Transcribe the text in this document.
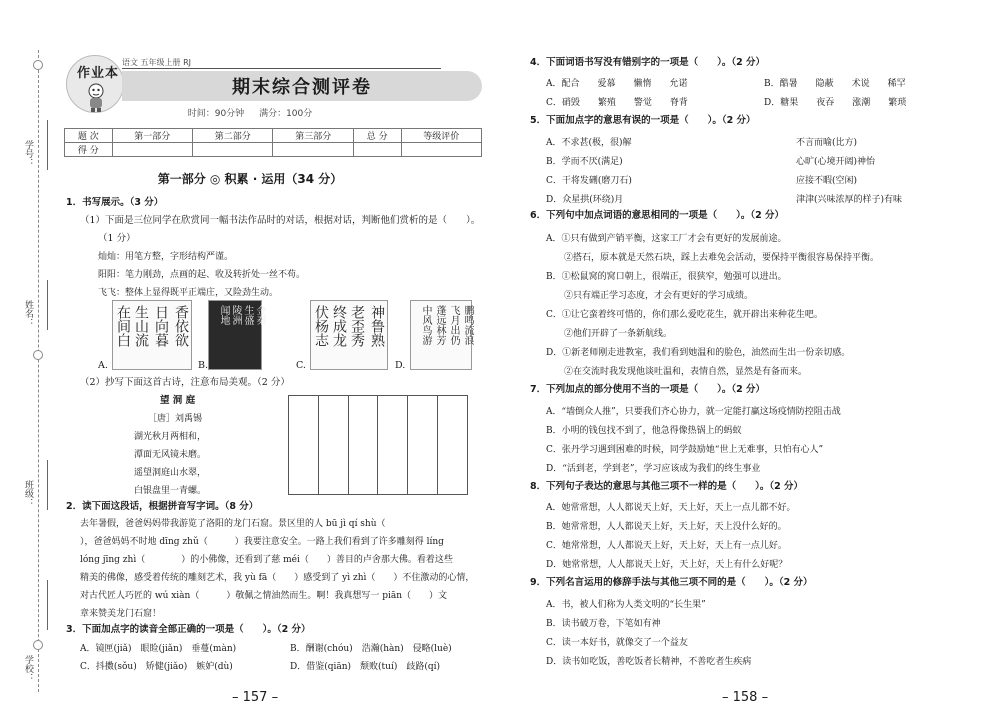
学号：
姓名：
班级：
学校：
作业本
语文 五年级上册 RJ
期末综合测评卷
时间：90分钟 满分：100分
题 次	第一部分	第二部分	第三部分	总 分	等级评价
得 分					
第一部分 ◎ 积累 · 运用（34 分）
1．书写展示。（3 分）
（1）下面是三位同学在欣赏同一幅书法作品时的对话，根据对话，判断他们赏析的是（　　）。
（1 分）
灿灿：用笔方整，字形结构严谨。
阳阳：笔力刚劲，点画的起、收及转折处一丝不苟。
飞飞：整体上显得既平正端庄，又险劲生动。
香依欲
日向暮
生山流
在间白	金秦
生盛
陵洲
闻地	神鲁熟
老歪秀
终成龙
伏杨志	鹏鸣流浪
飞月出仍
蓬远林芳
中风鸟游
A.	B.	C.	D.
（2）抄写下面这首古诗，注意布局美观。（2 分）
望 洞 庭
［唐］刘禹锡
湖光秋月两相和，
潭面无风镜未磨。
遥望洞庭山水翠，
白银盘里一青螺。
2．读下面这段话，根据拼音写字词。（8 分）
去年暑假，爸爸妈妈带我游览了洛阳的龙门石窟。景区里的人 bū jì qí shù（
），爸爸妈妈不时地 dīng zhǔ（　　　）我要注意安全。一路上我们看到了许多雕刻得 líng
lóng jīng zhì（　　　　）的小佛像，还看到了慈 méi（　　）善目的卢舍那大佛。看着这些
精美的佛像，感受着传统的雕刻艺术，我 yù fā（　　）感受到了 yì zhì（　　）不住激动的心情，
对古代匠人巧匠的 wú xiàn（　　　）敬佩之情油然而生。啊！我真想写一 piān（　　）文
章来赞美龙门石窟！
3．下面加点字的读音全部正确的一项是（　　）。（2 分）
A．镜匣(jiǎ)　眼睑(jiǎn)　垂蔓(màn)	B．酬谢(chóu)　浩瀚(hàn)　侵略(luè)
C．抖擞(sǒu)　矫健(jiǎo)　嫉妒(dù)	D．借鉴(qiān)　颓败(tuí)　歧路(qí)
– 157 –
4．下面词语书写没有错别字的一项是（　　）。（2 分）
A．配合　　爱慕　　懒惰　　允诺	B．酷暑　　隐蔽　　术说　　稀罕
C．硝毁　　繁殖　　警觉　　脊背	D．糖果　　夜吞　　涨潮　　繁琐
5．下面加点字的意思有误的一项是（　　）。（2 分）
A．不求甚(极，很)解	不言而喻(比方)
B．学而不厌(满足)	心旷(心境开阔)神怡
C．干将发硎(磨刀石)	应接不暇(空闲)
D．众星拱(环绕)月	津津(兴味浓厚的样子)有味
6．下列句中加点词语的意思相同的一项是（　　）。（2 分）
A．①只有做到产销平衡，这家工厂才会有更好的发展前途。
　　②搭石，原本就是天然石块，踩上去难免会活动，要保持平衡很容易保持平衡。
B．①松鼠窝的窝口朝上，很端正，很狭窄，勉强可以进出。
　　②只有端正学习态度，才会有更好的学习成绩。
C．①让它蛮着终可惜的，你们那么爱吃花生，就开辟出来种花生吧。
　　②他们开辟了一条新航线。
D．①新老师刚走进教室，我们看到她温和的脸色，油然而生出一份亲切感。
　　②在交流时我发现他谈吐温和，表情自然，显然是有备而来。
7．下列加点的部分使用不当的一项是（　　）。（2 分）
A．“墙倒众人推”，只要我们齐心协力，就一定能打赢这场疫情防控阻击战
B．小明的钱包找不到了，他急得像热锅上的蚂蚁
C．张丹学习遇到困难的时候，同学鼓励她“世上无难事，只怕有心人”
D．“活到老，学到老”，学习应该成为我们的终生事业
8．下列句子表达的意思与其他三项不一样的是（　　）。（2 分）
A．她常常想，人人都说天上好，天上好，天上一点儿都不好。
B．她常常想，人人都说天上好，天上好，天上没什么好的。
C．她常常想，人人都说天上好，天上好，天上有一点儿好。
D．她常常想，人人都说天上好，天上好，天上有什么好呢？
9．下列名言运用的修辞手法与其他三项不同的是（　　）。（2 分）
A．书，被人们称为人类文明的“长生果”
B．读书破万卷，下笔如有神
C．读一本好书，就像交了一个益友
D．读书如吃饭，善吃饭者长精神，不善吃者生疾病
– 158 –
